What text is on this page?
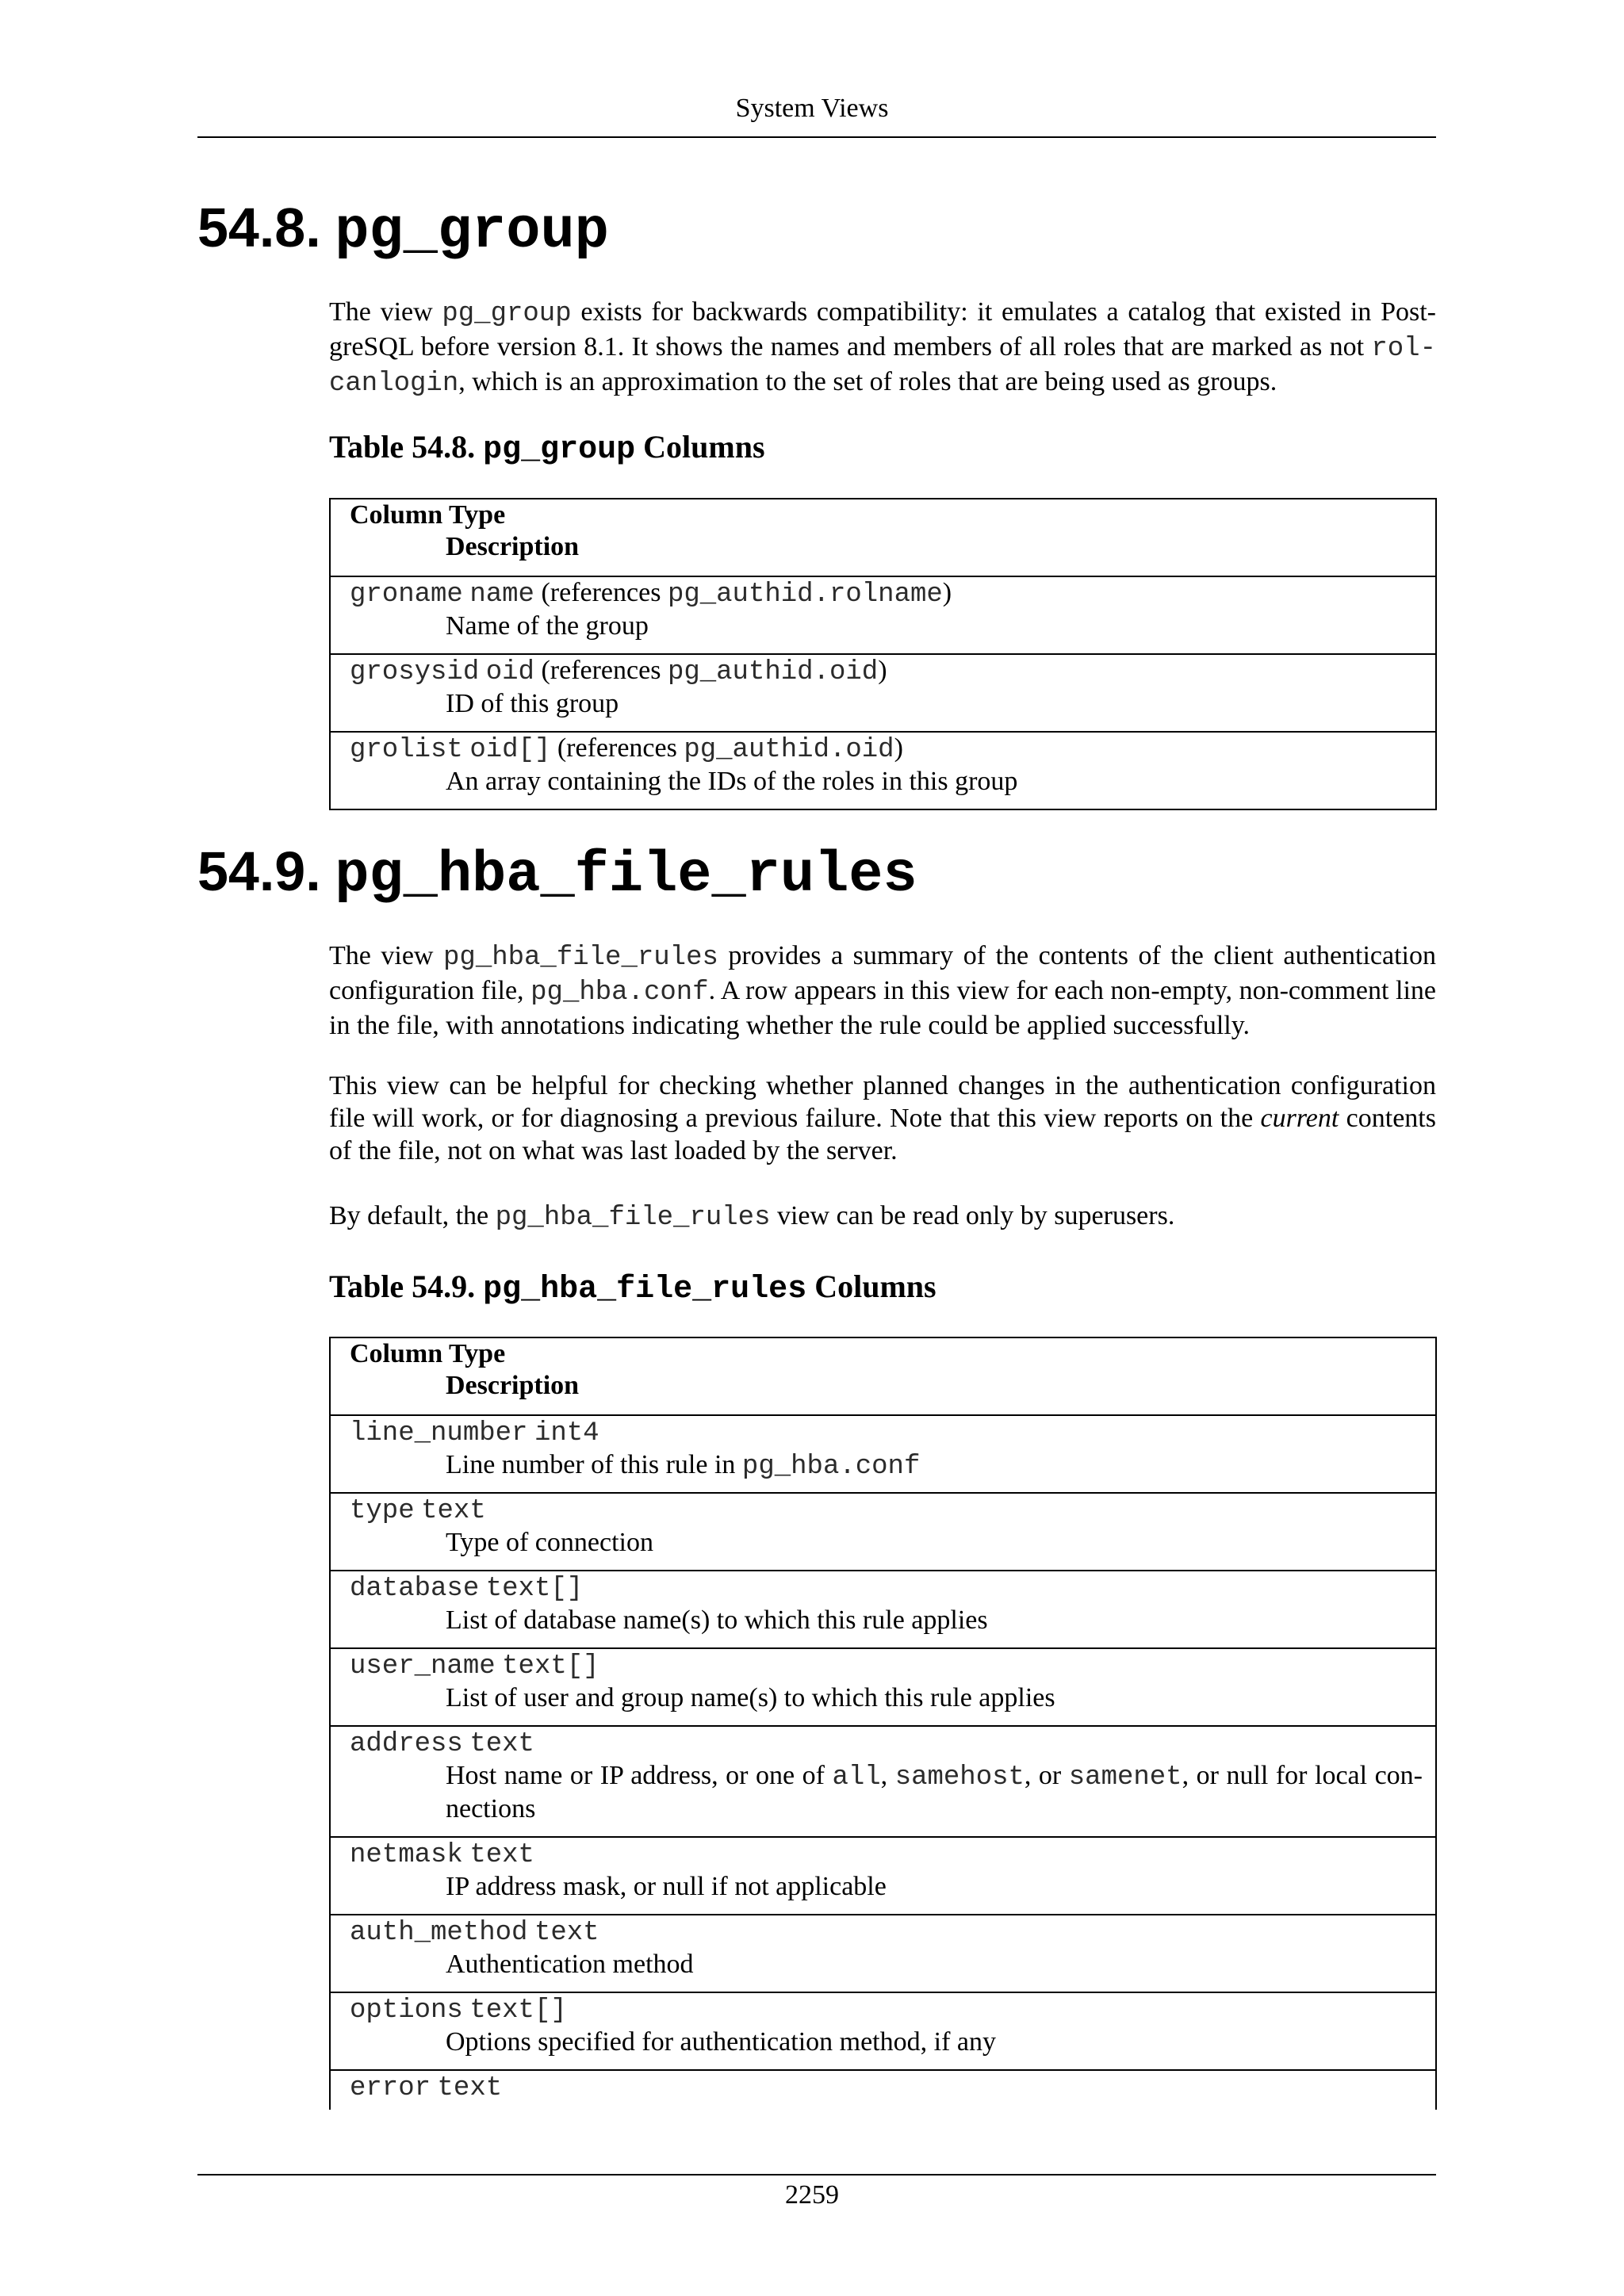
System Views
54.8. pg_group

The view pg_group exists for backwards compatibility: it emulates a catalog that existed in Post-greSQL before version 8.1. It shows the names and members of all roles that are marked as not rol-canlogin, which is an approximation to the set of roles that are being used as groups.

Table 54.8. pg_group Columns
Column Type
Description

groname name (references pg_authid.rolname)
Name of the group

grosysid oid (references pg_authid.oid)
ID of this group

grolist oid[] (references pg_authid.oid)
An array containing the IDs of the roles in this group
54.9. pg_hba_file_rules

The view pg_hba_file_rules provides a summary of the contents of the client authentication configuration file, pg_hba.conf. A row appears in this view for each non-empty, non-comment line in the file, with annotations indicating whether the rule could be applied successfully.

This view can be helpful for checking whether planned changes in the authentication configuration file will work, or for diagnosing a previous failure. Note that this view reports on the current contents of the file, not on what was last loaded by the server.

By default, the pg_hba_file_rules view can be read only by superusers.

Table 54.9. pg_hba_file_rules Columns
Column Type
Description

line_number int4
Line number of this rule in pg_hba.conf

type text
Type of connection

database text[]
List of database name(s) to which this rule applies

user_name text[]
List of user and group name(s) to which this rule applies

address text
Host name or IP address, or one of all, samehost, or samenet, or null for local con-nections

netmask text
IP address mask, or null if not applicable

auth_method text
Authentication method

options text[]
Options specified for authentication method, if any

error text
2259
